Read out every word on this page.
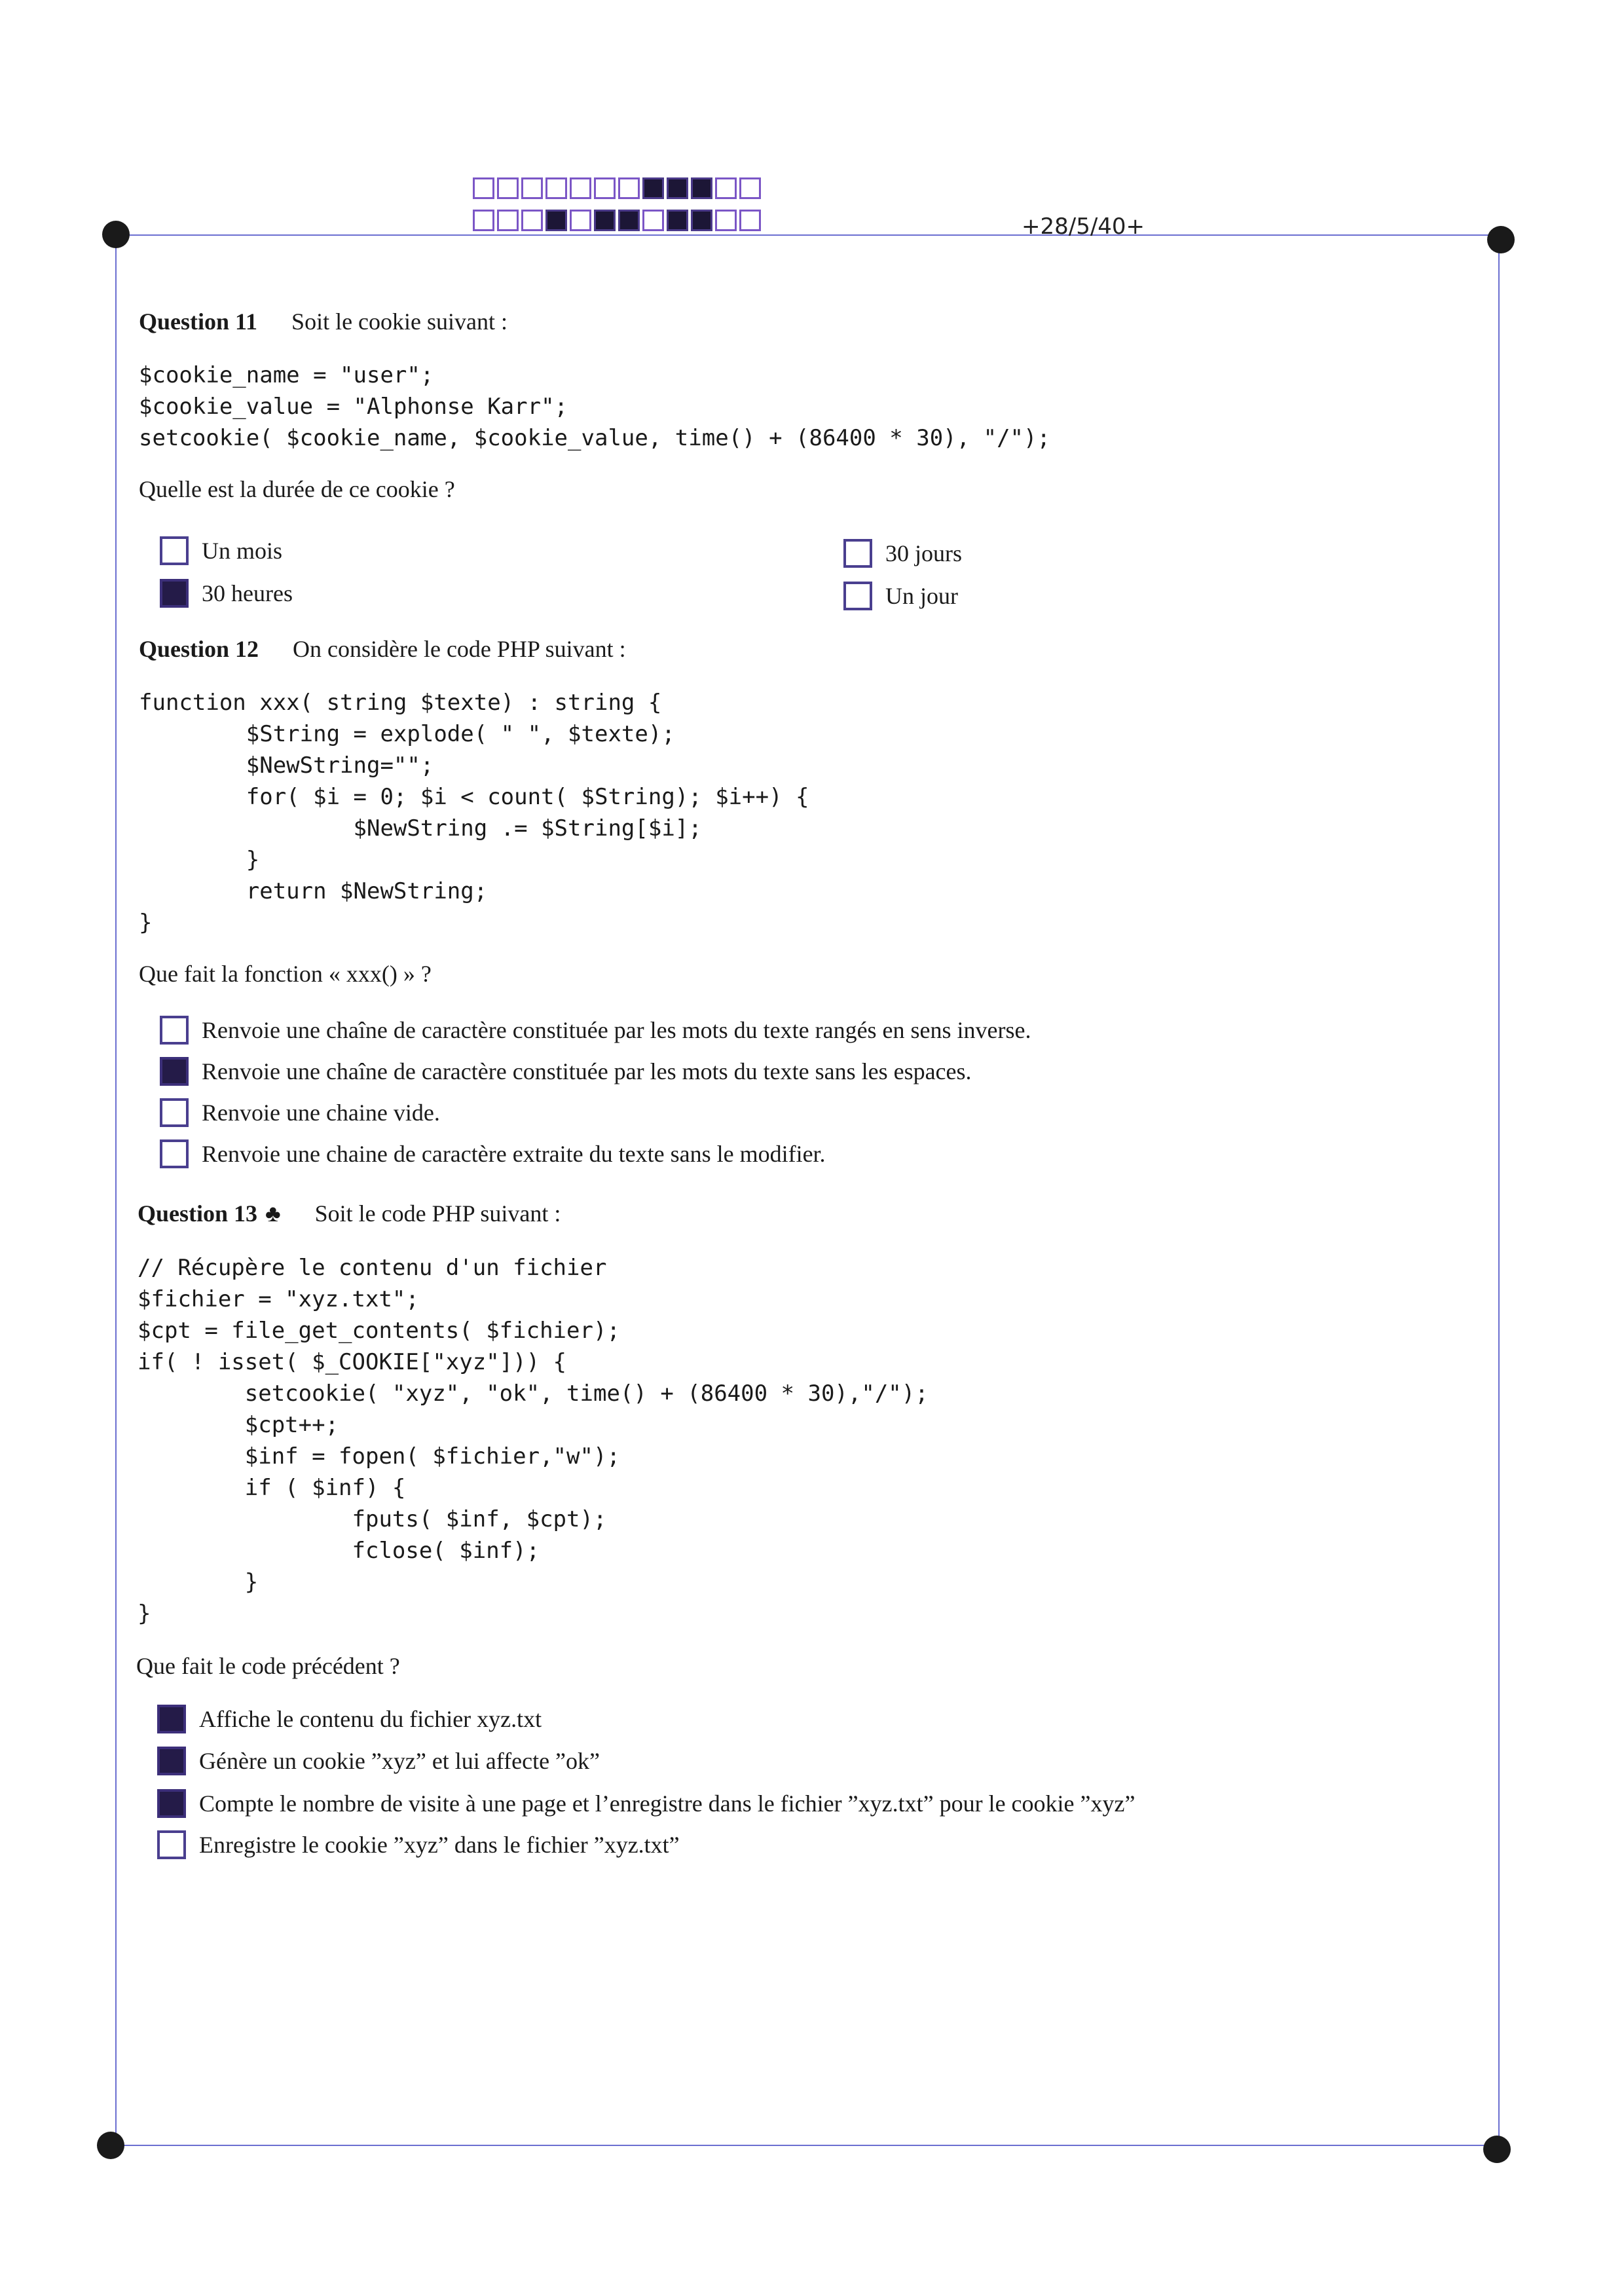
+28/5/40+
Question 11 Soit le cookie suivant :
$cookie_name = "user";
$cookie_value = "Alphonse Karr";
setcookie( $cookie_name, $cookie_value, time() + (86400 * 30), "/");
Quelle est la durée de ce cookie ?
Un mois
30 heures
30 jours
Un jour
Question 12 On considère le code PHP suivant :
function xxx( string $texte) : string {
$String = explode( " ", $texte);
$NewString="";
for( $i = 0; $i < count( $String); $i++) {
$NewString .= $String[$i];
}
return $NewString;
}
Que fait la fonction « xxx() » ?
Renvoie une chaîne de caractère constituée par les mots du texte rangés en sens inverse.
Renvoie une chaîne de caractère constituée par les mots du texte sans les espaces.
Renvoie une chaine vide.
Renvoie une chaine de caractère extraite du texte sans le modifier.
Question 13 ♣ Soit le code PHP suivant :
// Récupère le contenu d'un fichier
$fichier = "xyz.txt";
$cpt = file_get_contents( $fichier);
if( ! isset( $_COOKIE["xyz"])) {
setcookie( "xyz", "ok", time() + (86400 * 30),"/");
$cpt++;
$inf = fopen( $fichier,"w");
if ( $inf) {
fputs( $inf, $cpt);
fclose( $inf);
}
}
Que fait le code précédent ?
Affiche le contenu du fichier xyz.txt
Génère un cookie ”xyz” et lui affecte ”ok”
Compte le nombre de visite à une page et l’enregistre dans le fichier ”xyz.txt” pour le cookie ”xyz”
Enregistre le cookie ”xyz” dans le fichier ”xyz.txt”
